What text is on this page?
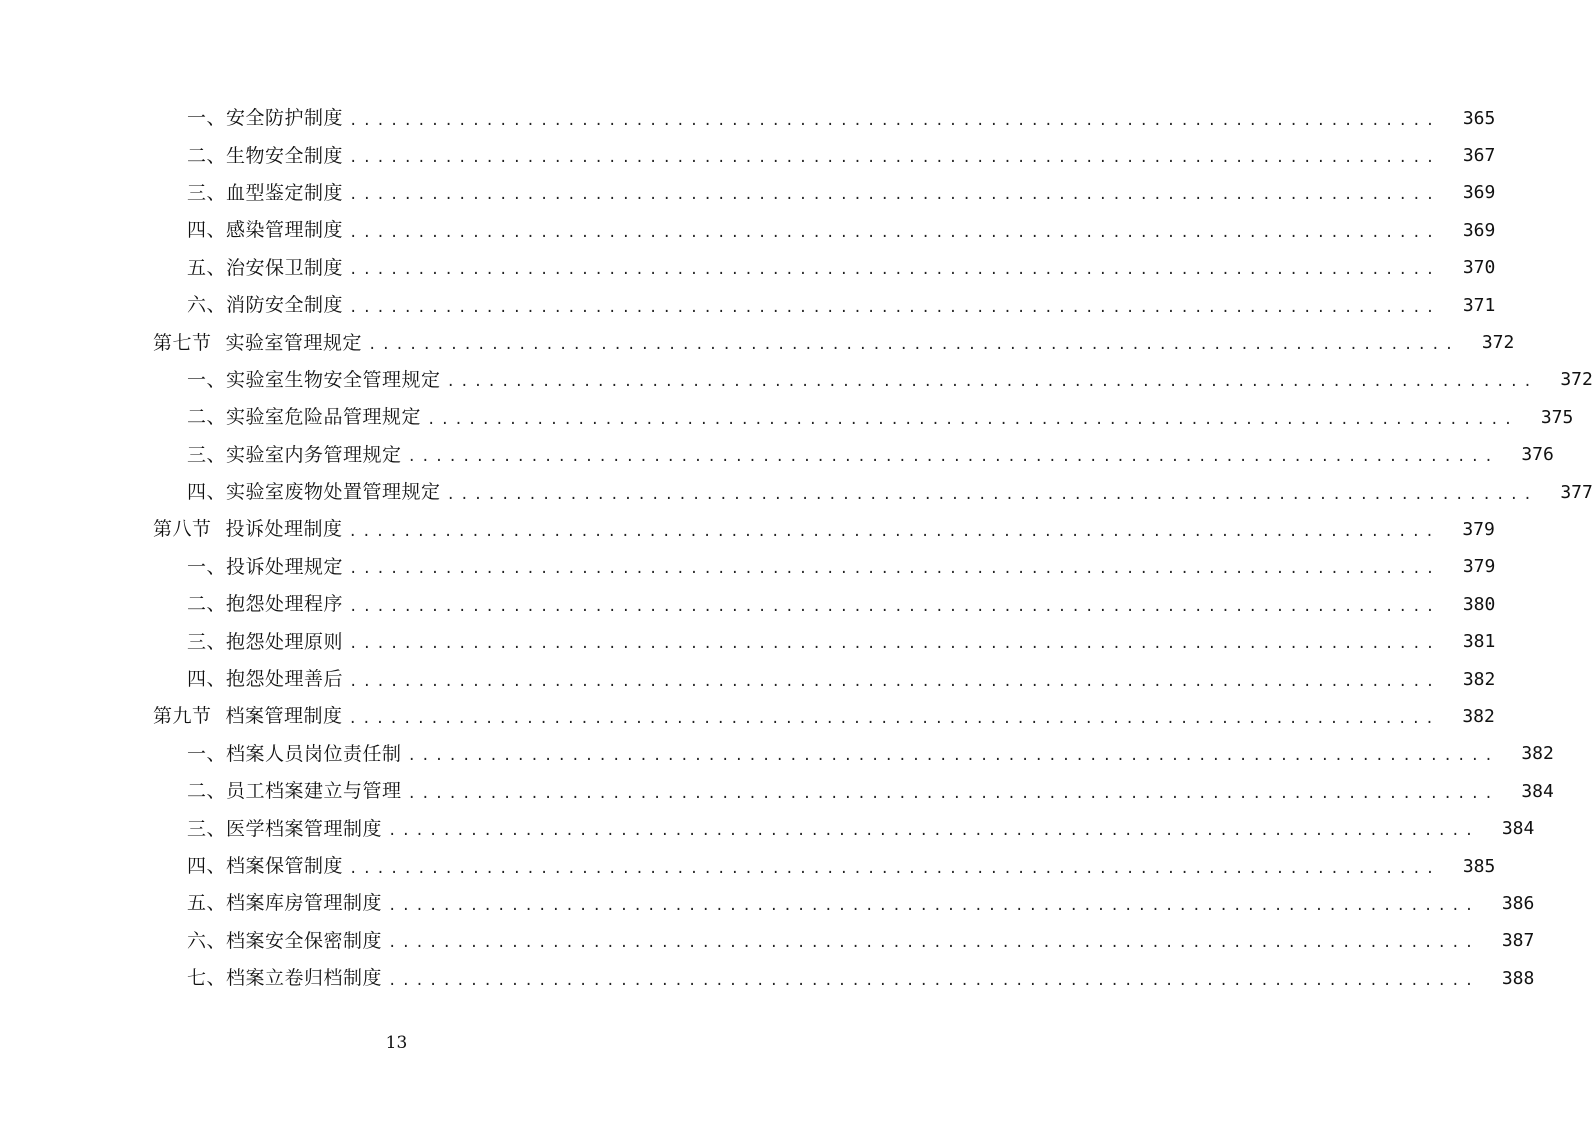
一、安全防护制度 ................................................................................	365
二、生物安全制度 ................................................................................	367
三、血型鉴定制度 ................................................................................	369
四、感染管理制度 ................................................................................	369
五、治安保卫制度 ................................................................................	370
六、消防安全制度 ................................................................................	371
第七节 实验室管理规定 ................................................................................	372
一、实验室生物安全管理规定 ................................................................................	372
二、实验室危险品管理规定 ................................................................................	375
三、实验室内务管理规定 ................................................................................	376
四、实验室废物处置管理规定 ................................................................................	377
第八节 投诉处理制度 ................................................................................	379
一、投诉处理规定 ................................................................................	379
二、抱怨处理程序 ................................................................................	380
三、抱怨处理原则 ................................................................................	381
四、抱怨处理善后 ................................................................................	382
第九节 档案管理制度 ................................................................................	382
一、档案人员岗位责任制 ................................................................................	382
二、员工档案建立与管理 ................................................................................	384
三、医学档案管理制度 ................................................................................	384
四、档案保管制度 ................................................................................	385
五、档案库房管理制度 ................................................................................	386
六、档案安全保密制度 ................................................................................	387
七、档案立卷归档制度 ................................................................................	388
13
